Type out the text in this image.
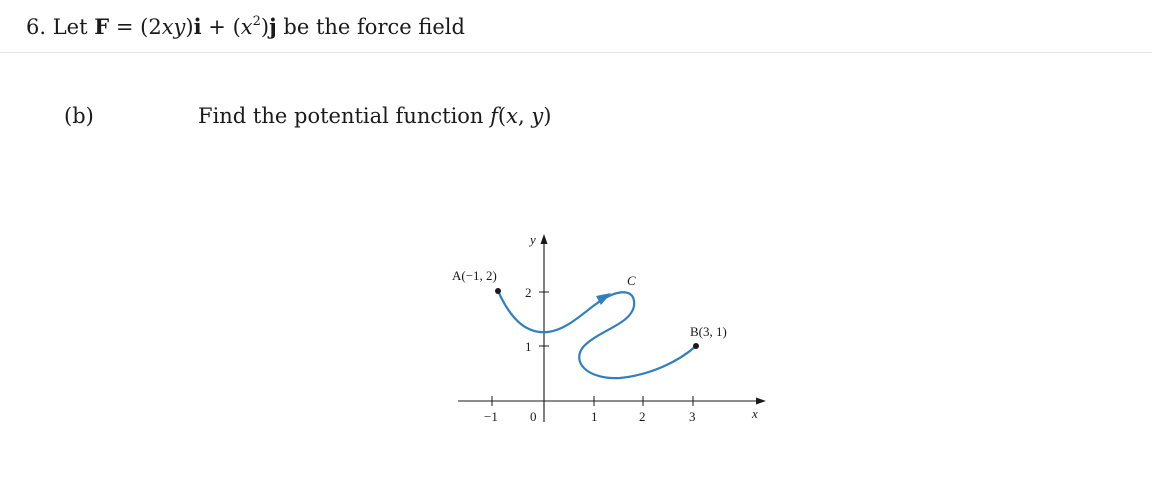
6. Let $F = (2xy)i + (x^2)j$ be the force field
(b)	Find the potential function f(x, y)
y
x
−1 0	1	2	3
1
2
A(−1, 2)
B(3, 1)
C
